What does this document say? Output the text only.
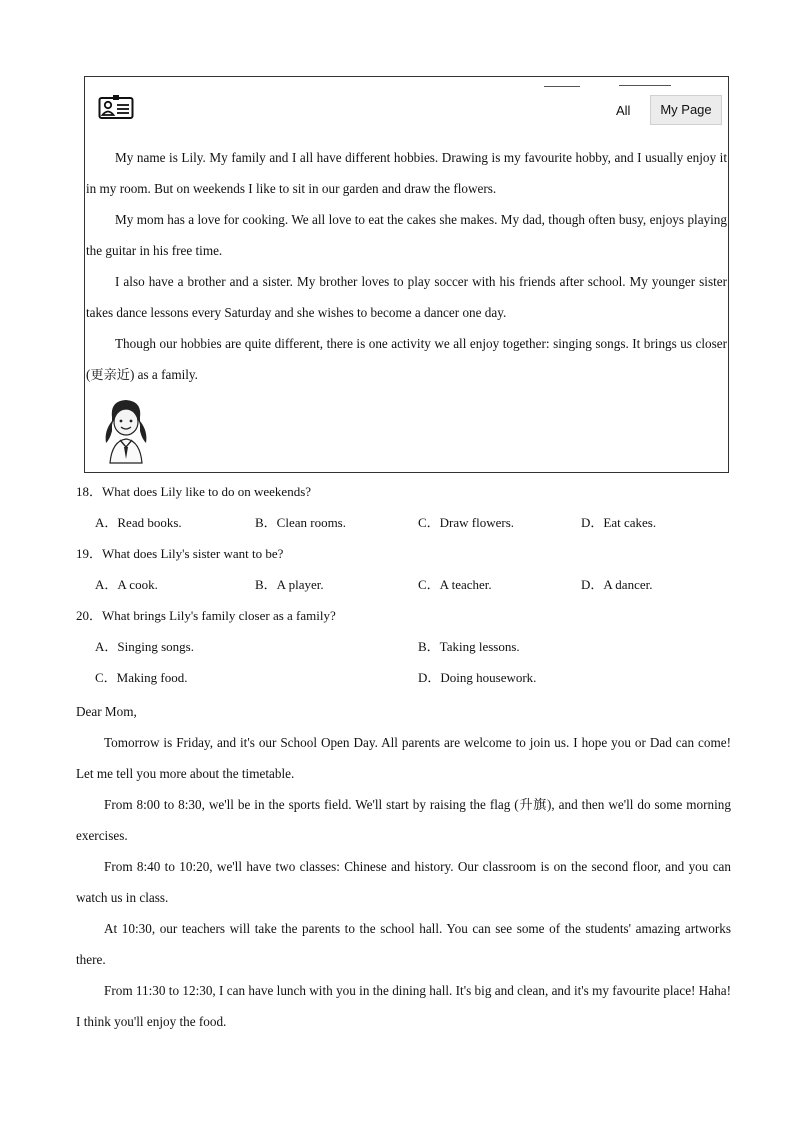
All	My Page

My name is Lily. My family and I all have different hobbies. Drawing is my favourite hobby, and I usually enjoy it in my room. But on weekends I like to sit in our garden and draw the flowers.

My mom has a love for cooking. We all love to eat the cakes she makes. My dad, though often busy, enjoys playing the guitar in his free time.

I also have a brother and a sister. My brother loves to play soccer with his friends after school. My younger sister takes dance lessons every Saturday and she wishes to become a dancer one day.

Though our hobbies are quite different, there is one activity we all enjoy together: singing songs. It brings us closer (更亲近) as a family.

18．What does Lily like to do on weekends?
A．Read books.	B．Clean rooms.	C．Draw flowers.	D．Eat cakes.
19．What does Lily's sister want to be?
A．A cook.	B．A player.	C．A teacher.	D．A dancer.
20．What brings Lily's family closer as a family?
A．Singing songs.	B．Taking lessons.
C．Making food.	D．Doing housework.

Dear Mom,

Tomorrow is Friday, and it's our School Open Day. All parents are welcome to join us. I hope you or Dad can come! Let me tell you more about the timetable.

From 8:00 to 8:30, we'll be in the sports field. We'll start by raising the flag (升旗), and then we'll do some morning exercises.

From 8:40 to 10:20, we'll have two classes: Chinese and history. Our classroom is on the second floor, and you can watch us in class.

At 10:30, our teachers will take the parents to the school hall. You can see some of the students' amazing artworks there.

From 11:30 to 12:30, I can have lunch with you in the dining hall. It's big and clean, and it's my favourite place! Haha! I think you'll enjoy the food.
